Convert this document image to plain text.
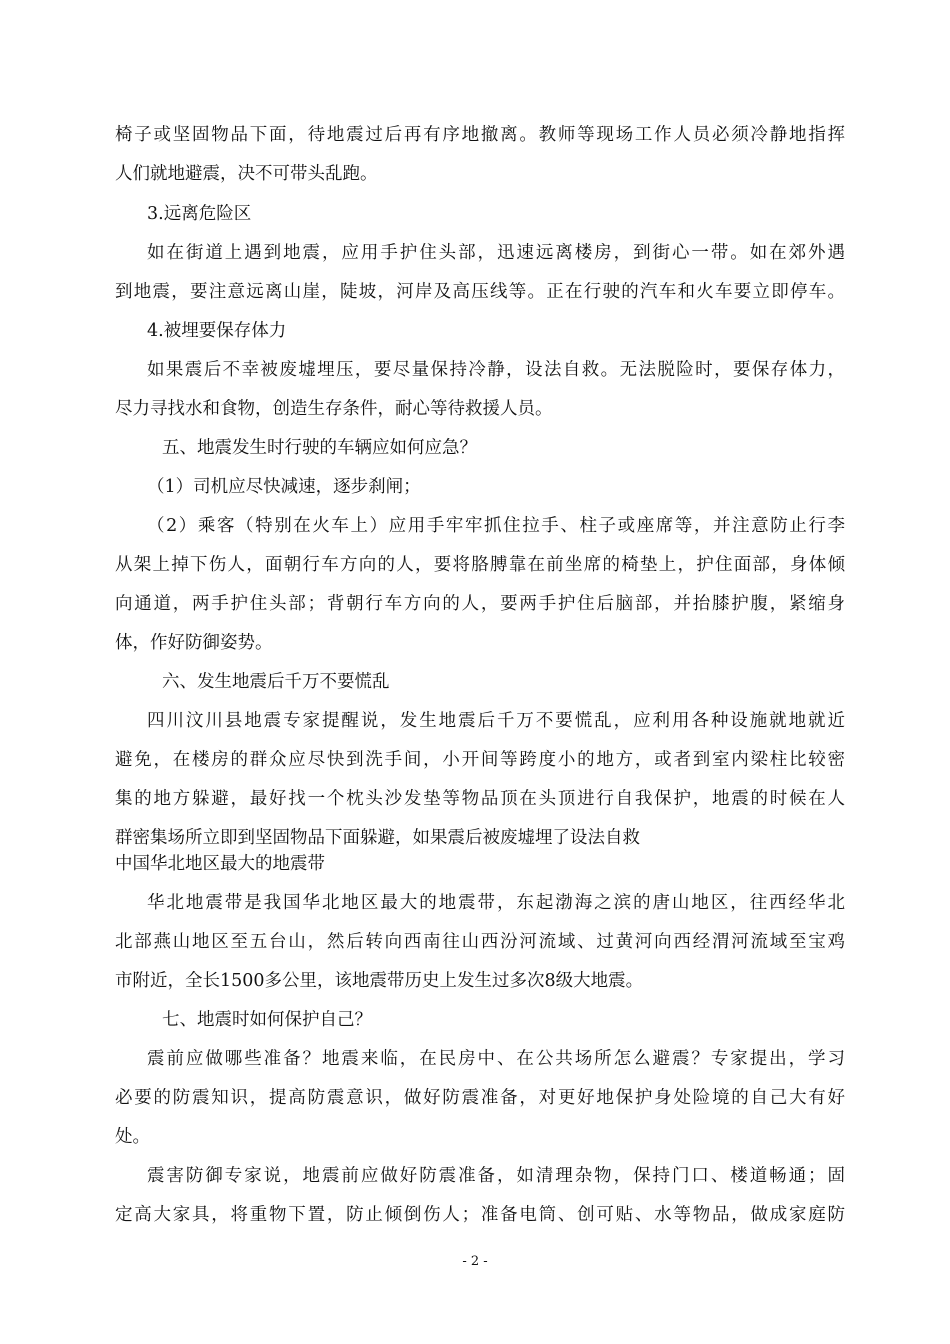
椅子或坚固物品下面，待地震过后再有序地撤离。教师等现场工作人员必须冷静地指挥
人们就地避震，决不可带头乱跑。
3.远离危险区
如在街道上遇到地震，应用手护住头部，迅速远离楼房，到街心一带。如在郊外遇
到地震，要注意远离山崖，陡坡，河岸及高压线等。正在行驶的汽车和火车要立即停车。
4.被埋要保存体力
如果震后不幸被废墟埋压，要尽量保持冷静，设法自救。无法脱险时，要保存体力，
尽力寻找水和食物，创造生存条件，耐心等待救援人员。
五、地震发生时行驶的车辆应如何应急？
（1）司机应尽快减速，逐步刹闸；
（2）乘客（特别在火车上）应用手牢牢抓住拉手、柱子或座席等，并注意防止行李
从架上掉下伤人，面朝行车方向的人，要将胳膊靠在前坐席的椅垫上，护住面部，身体倾
向通道，两手护住头部；背朝行车方向的人，要两手护住后脑部，并抬膝护腹，紧缩身
体，作好防御姿势。
六、发生地震后千万不要慌乱
四川汶川县地震专家提醒说，发生地震后千万不要慌乱，应利用各种设施就地就近
避免，在楼房的群众应尽快到洗手间，小开间等跨度小的地方，或者到室内梁柱比较密
集的地方躲避，最好找一个枕头沙发垫等物品顶在头顶进行自我保护，地震的时候在人
群密集场所立即到坚固物品下面躲避，如果震后被废墟埋了设法自救
中国华北地区最大的地震带
华北地震带是我国华北地区最大的地震带，东起渤海之滨的唐山地区，往西经华北
北部燕山地区至五台山，然后转向西南往山西汾河流域、过黄河向西经渭河流域至宝鸡
市附近，全长1500多公里，该地震带历史上发生过多次8级大地震。
七、地震时如何保护自己？
震前应做哪些准备？地震来临，在民房中、在公共场所怎么避震？专家提出，学习
必要的防震知识，提高防震意识，做好防震准备，对更好地保护身处险境的自己大有好
处。
震害防御专家说，地震前应做好防震准备，如清理杂物，保持门口、楼道畅通；固
定高大家具，将重物下置，防止倾倒伤人；准备电筒、创可贴、水等物品，做成家庭防
- 2 -
